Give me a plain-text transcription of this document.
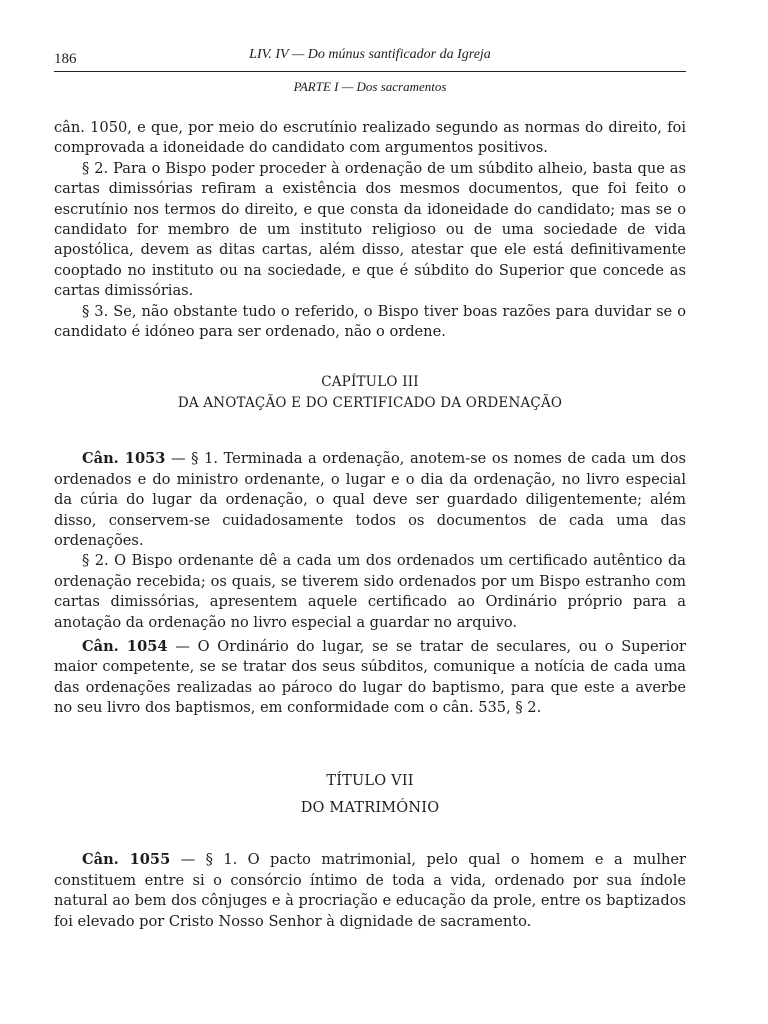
186	LIV. IV — Do múnus santificador da Igreja
PARTE I — Dos sacramentos

cân. 1050, e que, por meio do escrutínio realizado segundo as normas do direito, foi comprovada a idoneidade do candidato com argumentos positivos.

§ 2. Para o Bispo poder proceder à ordenação de um súbdito alheio, basta que as cartas dimissórias refiram a existência dos mesmos documentos, que foi feito o escrutínio nos termos do direito, e que consta da idoneidade do candidato; mas se o candidato for membro de um instituto religioso ou de uma sociedade de vida apostólica, devem as ditas cartas, além disso, atestar que ele está definitivamente cooptado no instituto ou na sociedade, e que é súbdito do Superior que concede as cartas dimissórias.

§ 3. Se, não obstante tudo o referido, o Bispo tiver boas razões para duvidar se o candidato é idóneo para ser ordenado, não o ordene.

CAPÍTULO III

DA ANOTAÇÃO E DO CERTIFICADO DA ORDENAÇÃO

Cân. 1053 — § 1. Terminada a ordenação, anotem-se os nomes de cada um dos ordenados e do ministro ordenante, o lugar e o dia da ordenação, no livro especial da cúria do lugar da ordenação, o qual deve ser guardado diligentemente; além disso, conservem-se cuidadosamente todos os documentos de cada uma das ordenações.

§ 2. O Bispo ordenante dê a cada um dos ordenados um certificado autêntico da ordenação recebida; os quais, se tiverem sido ordenados por um Bispo estranho com cartas dimissórias, apresentem aquele certificado ao Ordinário próprio para a anotação da ordenação no livro especial a guardar no arquivo.

Cân. 1054 — O Ordinário do lugar, se se tratar de seculares, ou o Superior maior competente, se se tratar dos seus súbditos, comunique a notícia de cada uma das ordenações realizadas ao pároco do lugar do baptismo, para que este a averbe no seu livro dos baptismos, em conformidade com o cân. 535, § 2.

TÍTULO VII

DO MATRIMÓNIO

Cân. 1055 — § 1. O pacto matrimonial, pelo qual o homem e a mulher constituem entre si o consórcio íntimo de toda a vida, ordenado por sua índole natural ao bem dos cônjuges e à procriação e educação da prole, entre os baptizados foi elevado por Cristo Nosso Senhor à dignidade de sacramento.
